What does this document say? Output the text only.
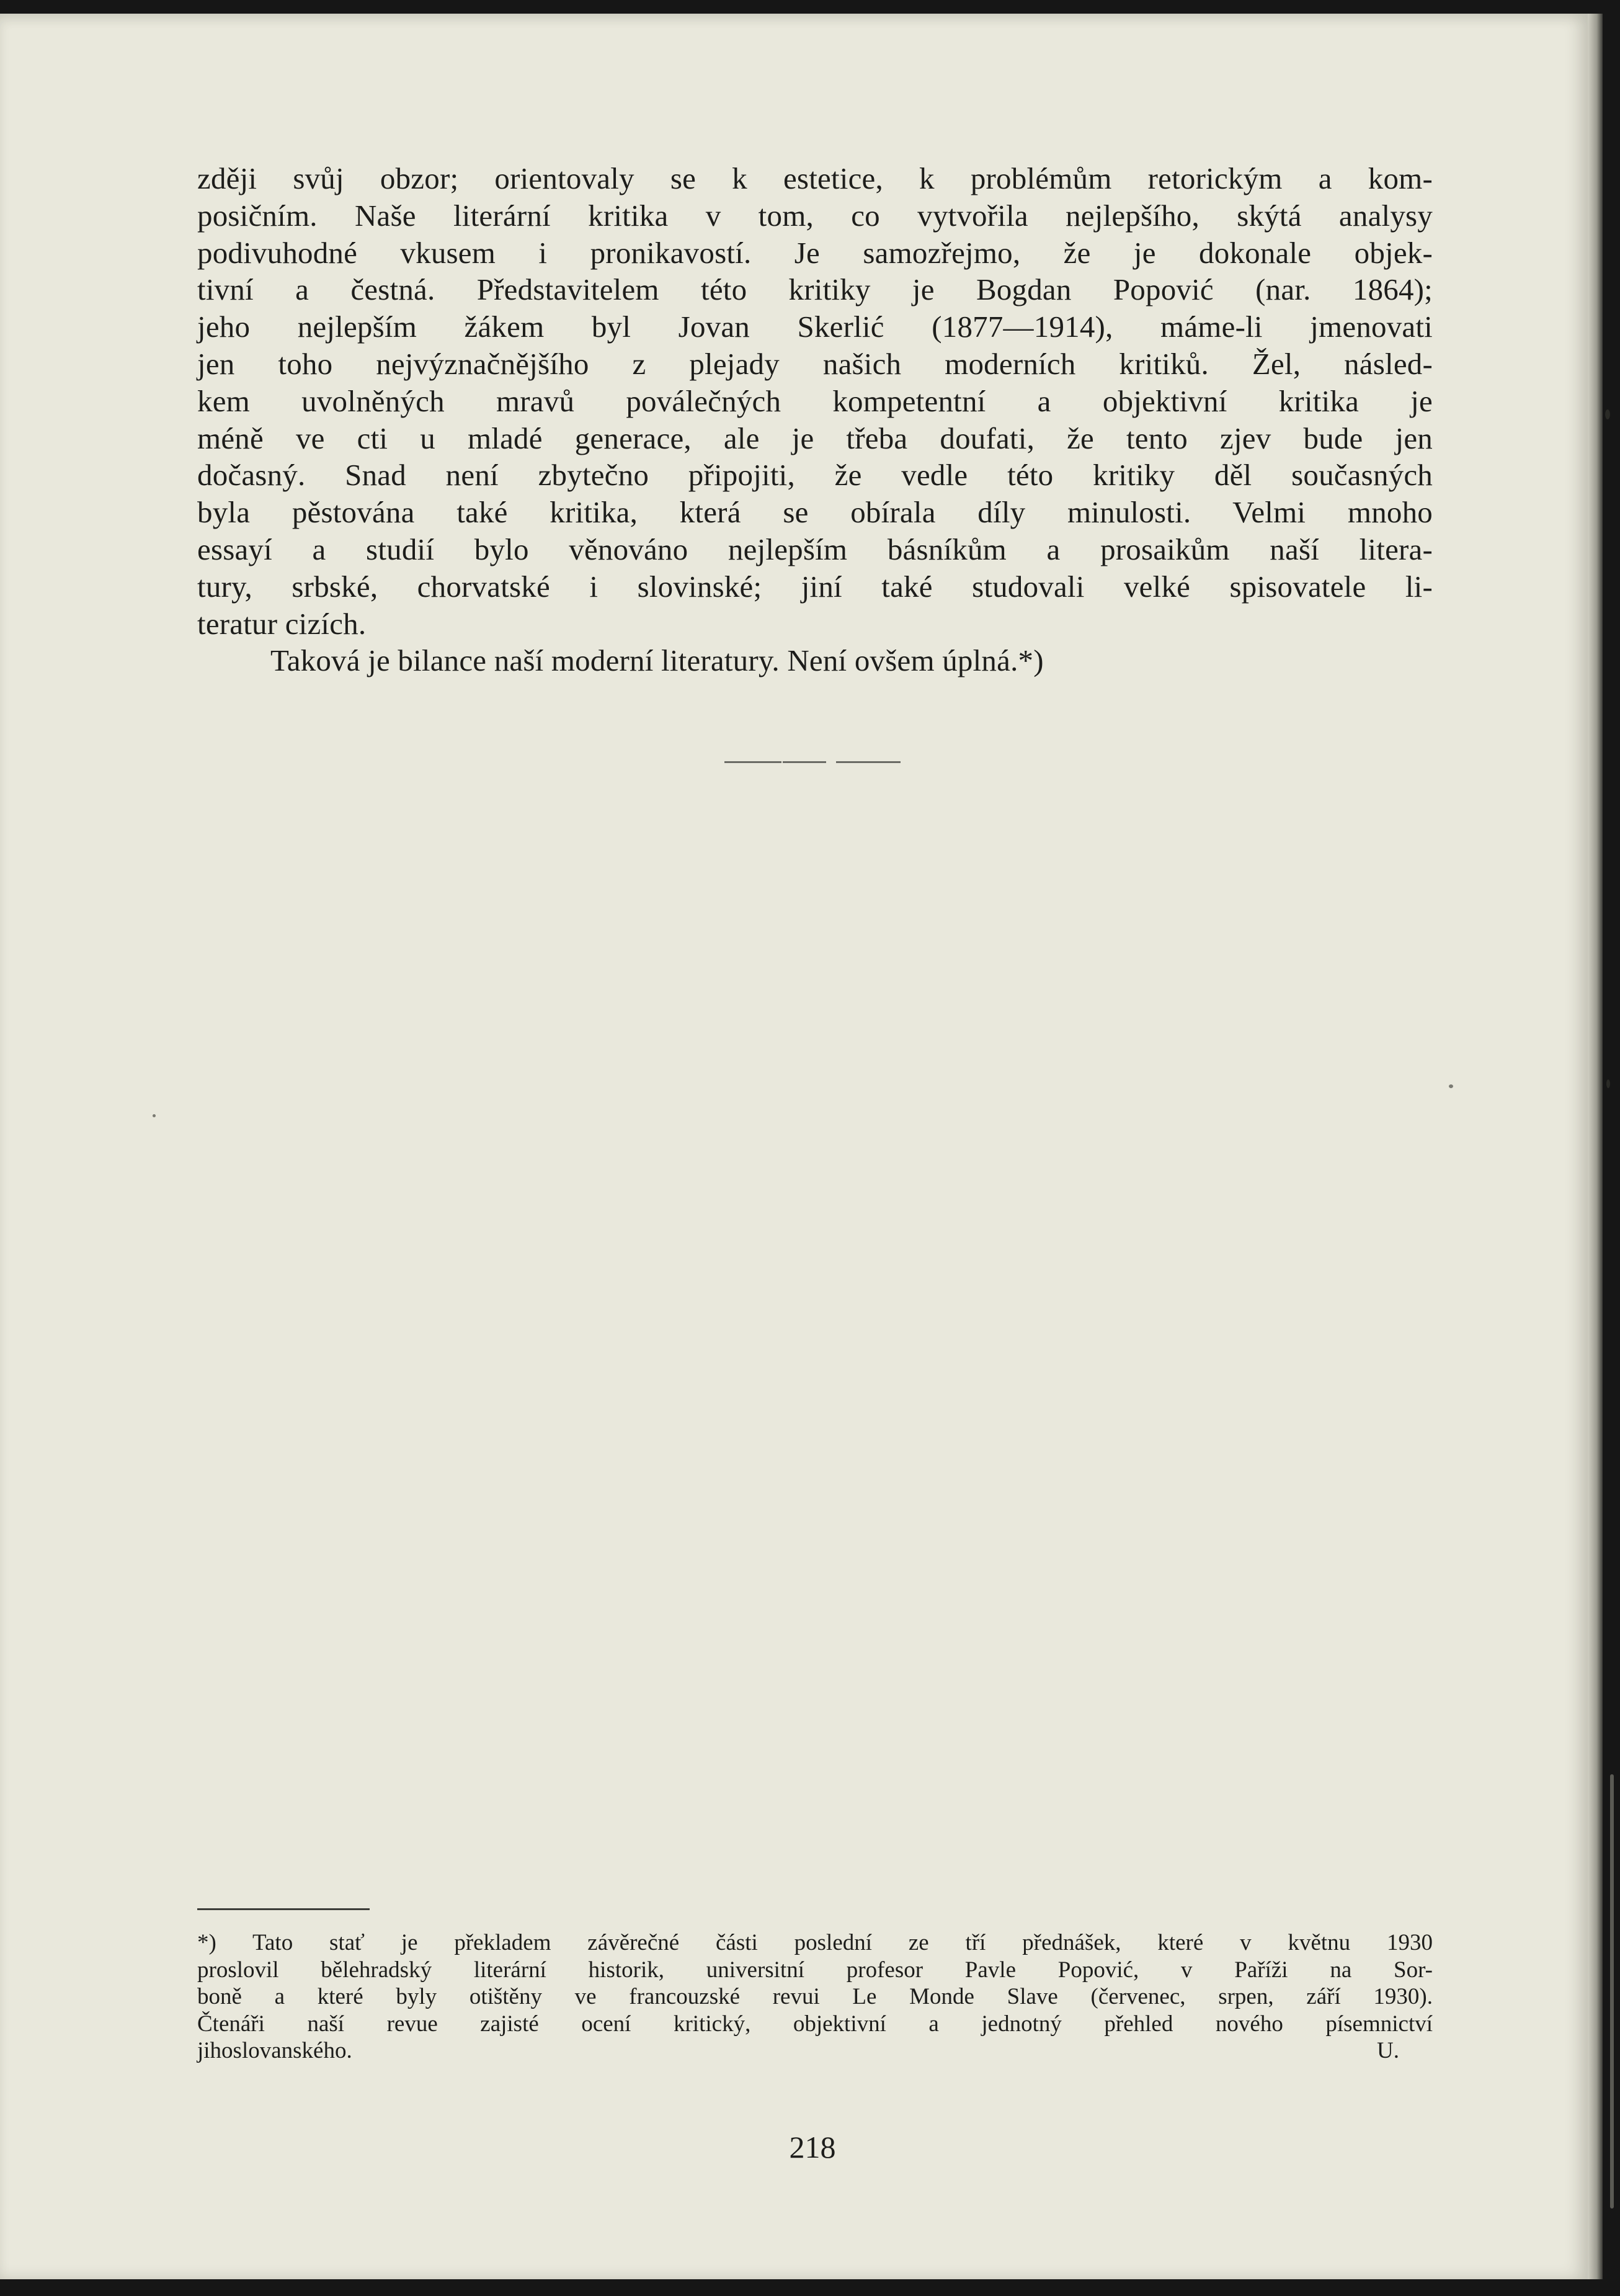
zději svůj obzor; orientovaly se k estetice, k problémům retorickým a kom-
posičním. Naše literární kritika v tom, co vytvořila nejlepšího, skýtá analysy
podivuhodné vkusem i pronikavostí. Je samozřejmo, že je dokonale objek-
tivní a čestná. Představitelem této kritiky je Bogdan Popović (nar. 1864);
jeho nejlepším žákem byl Jovan Skerlić (1877—1914), máme-li jmenovati
jen toho nejvýznačnějšího z plejady našich moderních kritiků. Žel, násled-
kem uvolněných mravů poválečných kompetentní a objektivní kritika je
méně ve cti u mladé generace, ale je třeba doufati, že tento zjev bude jen
dočasný. Snad není zbytečno připojiti, že vedle této kritiky děl současných
byla pěstována také kritika, která se obírala díly minulosti. Velmi mnoho
essayí a studií bylo věnováno nejlepším básníkům a prosaikům naší litera-
tury, srbské, chorvatské i slovinské; jiní také studovali velké spisovatele li-
teratur cizích.
Taková je bilance naší moderní literatury. Není ovšem úplná.*)
*) Tato stať je překladem závěrečné části poslední ze tří přednášek, které v květnu 1930
proslovil bělehradský literární historik, universitní profesor Pavle Popović, v Paříži na Sor-
boně a které byly otištěny ve francouzské revui Le Monde Slave (červenec, srpen, září 1930).
Čtenáři naší revue zajisté ocení kritický, objektivní a jednotný přehled nového písemnictví
jihoslovanského.	U.
218
